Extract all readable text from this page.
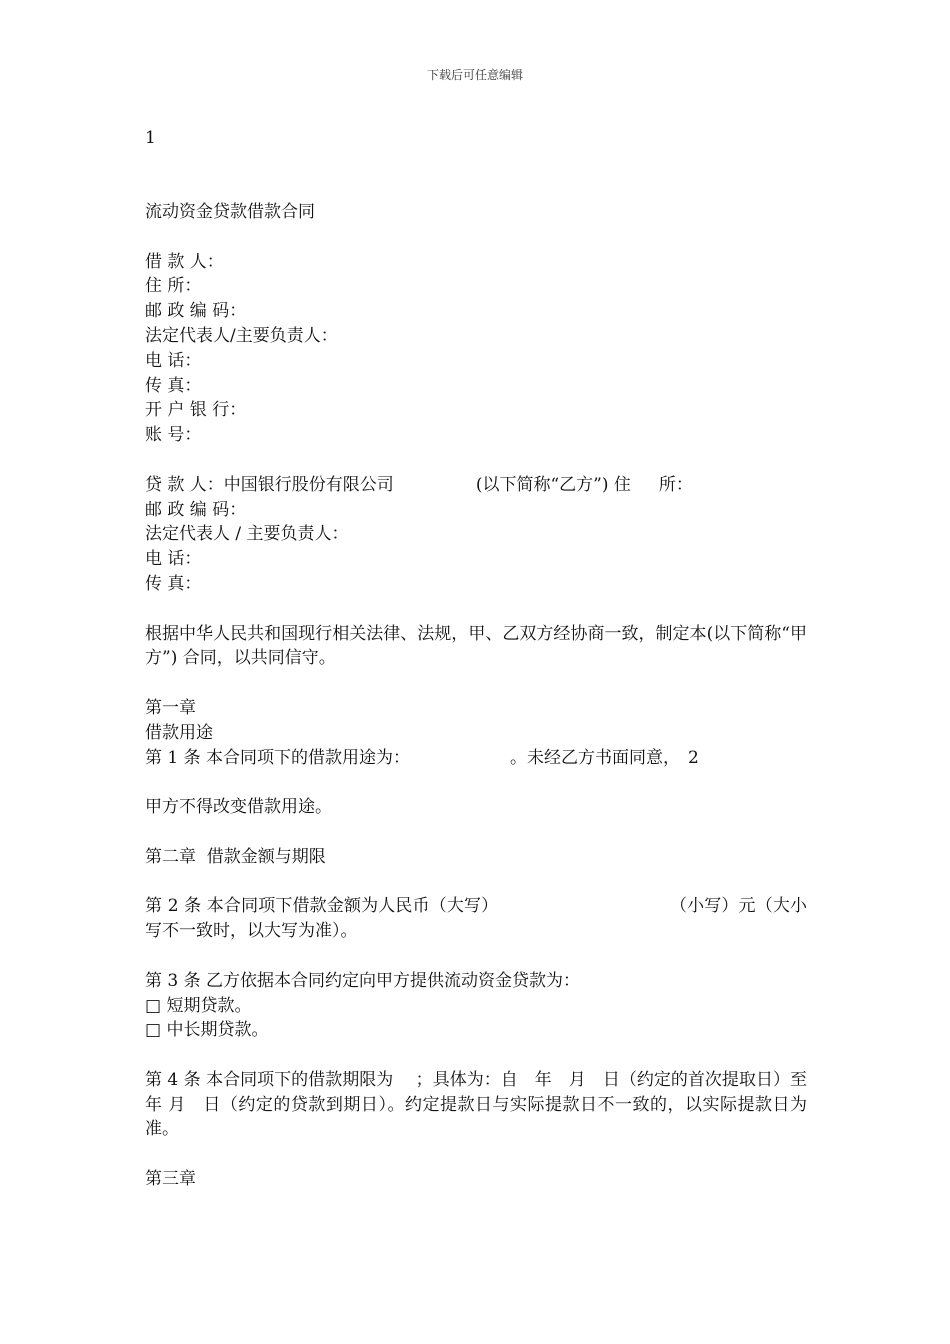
下载后可任意编辑
1
流动资金贷款借款合同
借 款 人：
住 所：
邮 政 编 码：
法定代表人/主要负责人：
电 话：
传 真：
开 户 银 行：
账 号：
贷 款 人：中国银行股份有限公司	(以下简称“乙方”) 住 所：
邮 政 编 码：
法定代表人 / 主要负责人：
电 话：
传 真：
根据中华人民共和国现行相关法律、法规，甲、乙双方经协商一致，制定本(以下简称“甲方”) 合同，以共同信守。
第一章
借款用途
第 1 条 本合同项下的借款用途为：	。未经乙方书面同意， 2
甲方不得改变借款用途。
第二章  借款金额与期限
第 2 条 本合同项下借款金额为人民币（大写）　　　　　　　　　　　（小写）元（大小写不一致时，以大写为准）。
第 3 条 乙方依据本合同约定向甲方提供流动资金贷款为：
□ 短期贷款。
□ 中长期贷款。
第 4 条 本合同项下的借款期限为　 ；具体为：自　年　月　日（约定的首次提取日）至　 年 月　日（约定的贷款到期日）。约定提款日与实际提款日不一致的，以实际提款日为准。
第三章
